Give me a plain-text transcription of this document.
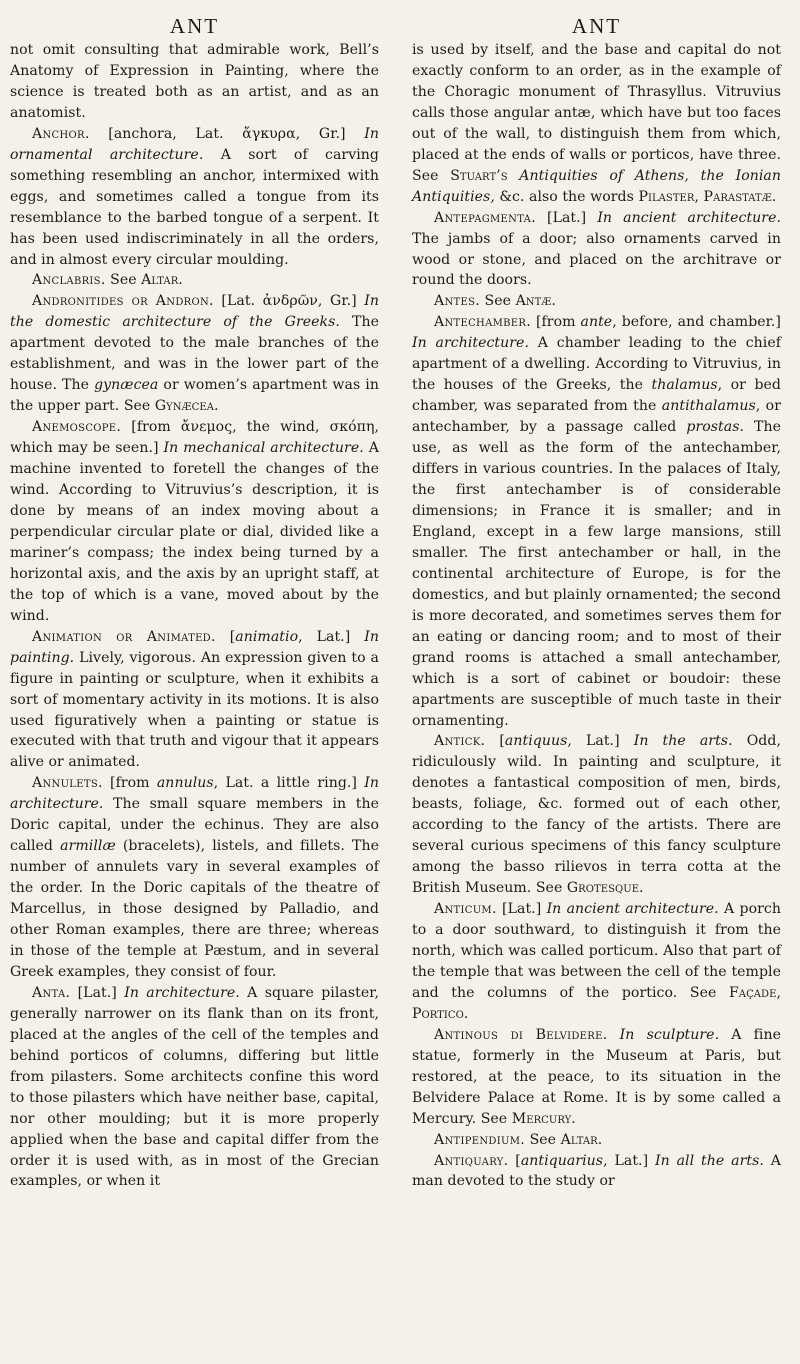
ANT

not omit consulting that admirable work, Bell’s Anatomy of Expression in Painting, where the science is treated both as an artist, and as an anatomist.

Anchor. [anchora, Lat. ἄγκυρα, Gr.] In ornamental architecture. A sort of carving something resembling an anchor, intermixed with eggs, and sometimes called a tongue from its resemblance to the barbed tongue of a serpent. It has been used indiscriminately in all the orders, and in almost every circular moulding.

Anclabris. See Altar.

Andronitides or Andron. [Lat. ἀνδρῶν, Gr.] In the domestic architecture of the Greeks. The apartment devoted to the male branches of the establishment, and was in the lower part of the house. The gynæcea or women’s apartment was in the upper part. See Gynæcea.

Anemoscope. [from ἄνεμος, the wind, σκόπη, which may be seen.] In mechanical architecture. A machine invented to foretell the changes of the wind. According to Vitruvius’s description, it is done by means of an index moving about a perpendicular circular plate or dial, divided like a mariner’s compass; the index being turned by a horizontal axis, and the axis by an upright staff, at the top of which is a vane, moved about by the wind.

Animation or Animated. [animatio, Lat.] In painting. Lively, vigorous. An expression given to a figure in painting or sculpture, when it exhibits a sort of momentary activity in its motions. It is also used figuratively when a painting or statue is executed with that truth and vigour that it appears alive or animated.

Annulets. [from annulus, Lat. a little ring.] In architecture. The small square members in the Doric capital, under the echinus. They are also called armillæ (bracelets), listels, and fillets. The number of annulets vary in several examples of the order. In the Doric capitals of the theatre of Marcellus, in those designed by Palladio, and other Roman examples, there are three; whereas in those of the temple at Pæstum, and in several Greek examples, they consist of four.

Anta. [Lat.] In architecture. A square pilaster, generally narrower on its flank than on its front, placed at the angles of the cell of the temples and behind porticos of columns, differing but little from pilasters. Some architects confine this word to those pilasters which have neither base, capital, nor other moulding; but it is more properly applied when the base and capital differ from the order it is used with, as in most of the Grecian examples, or when it

ANT

is used by itself, and the base and capital do not exactly conform to an order, as in the example of the Choragic monument of Thrasyllus. Vitruvius calls those angular antæ, which have but too faces out of the wall, to distinguish them from which, placed at the ends of walls or porticos, have three. See Stuart’s Antiquities of Athens, the Ionian Antiquities, &c. also the words Pilaster, Parastatæ.

Antepagmenta. [Lat.] In ancient architecture. The jambs of a door; also ornaments carved in wood or stone, and placed on the architrave or round the doors.

Antes. See Antæ.

Antechamber. [from ante, before, and chamber.] In architecture. A chamber leading to the chief apartment of a dwelling. According to Vitruvius, in the houses of the Greeks, the thalamus, or bed chamber, was separated from the antithalamus, or antechamber, by a passage called prostas. The use, as well as the form of the antechamber, differs in various countries. In the palaces of Italy, the first antechamber is of considerable dimensions; in France it is smaller; and in England, except in a few large mansions, still smaller. The first antechamber or hall, in the continental architecture of Europe, is for the domestics, and but plainly ornamented; the second is more decorated, and sometimes serves them for an eating or dancing room; and to most of their grand rooms is attached a small antechamber, which is a sort of cabinet or boudoir: these apartments are susceptible of much taste in their ornamenting.

Antick. [antiquus, Lat.] In the arts. Odd, ridiculously wild. In painting and sculpture, it denotes a fantastical composition of men, birds, beasts, foliage, &c. formed out of each other, according to the fancy of the artists. There are several curious specimens of this fancy sculpture among the basso rilievos in terra cotta at the British Museum. See Grotesque.

Anticum. [Lat.] In ancient architecture. A porch to a door southward, to distinguish it from the north, which was called porticum. Also that part of the temple that was between the cell of the temple and the columns of the portico. See Façade, Portico.

Antinous di Belvidere. In sculpture. A fine statue, formerly in the Museum at Paris, but restored, at the peace, to its situation in the Belvidere Palace at Rome. It is by some called a Mercury. See Mercury.

Antipendium. See Altar.

Antiquary. [antiquarius, Lat.] In all the arts. A man devoted to the study or
